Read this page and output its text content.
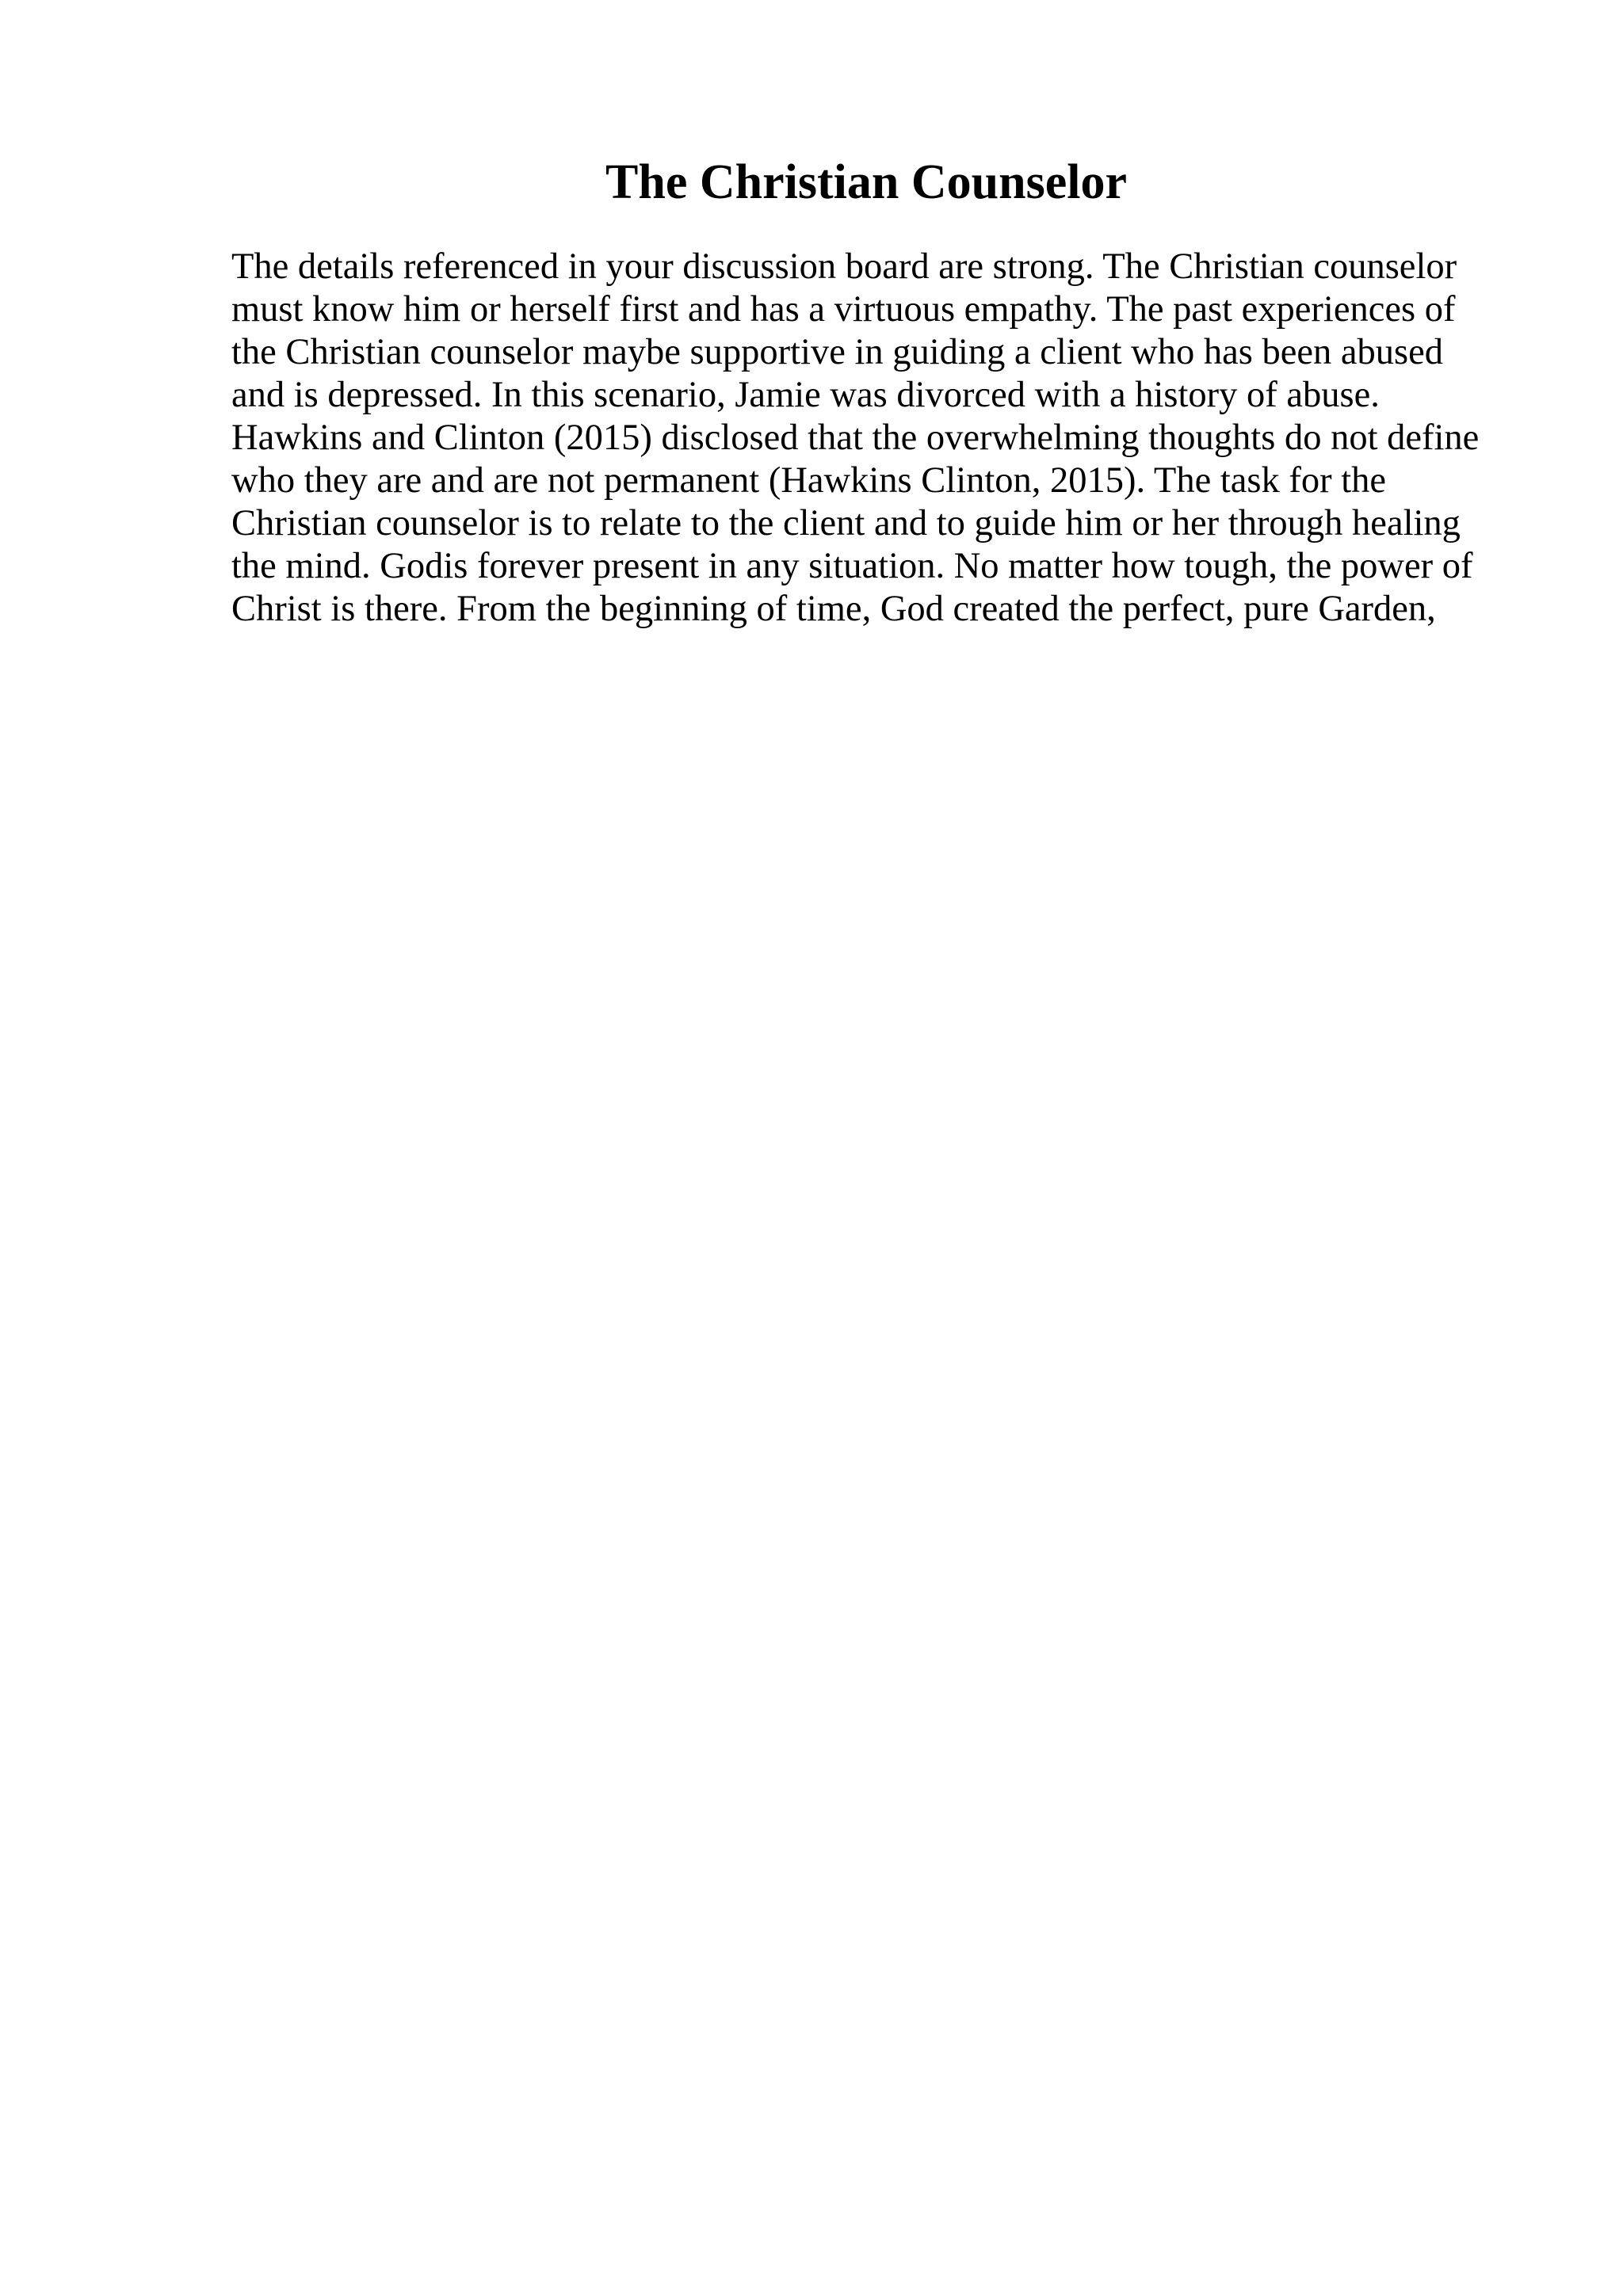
The Christian Counselor

The details referenced in your discussion board are strong. The Christian counselor
must know him or herself first and has a virtuous empathy. The past experiences of
the Christian counselor maybe supportive in guiding a client who has been abused
and is depressed. In this scenario, Jamie was divorced with a history of abuse.
Hawkins and Clinton (2015) disclosed that the overwhelming thoughts do not define
who they are and are not permanent (Hawkins Clinton, 2015). The task for the
Christian counselor is to relate to the client and to guide him or her through healing
the mind. Godis forever present in any situation. No matter how tough, the power of
Christ is there. From the beginning of time, God created the perfect, pure Garden,
